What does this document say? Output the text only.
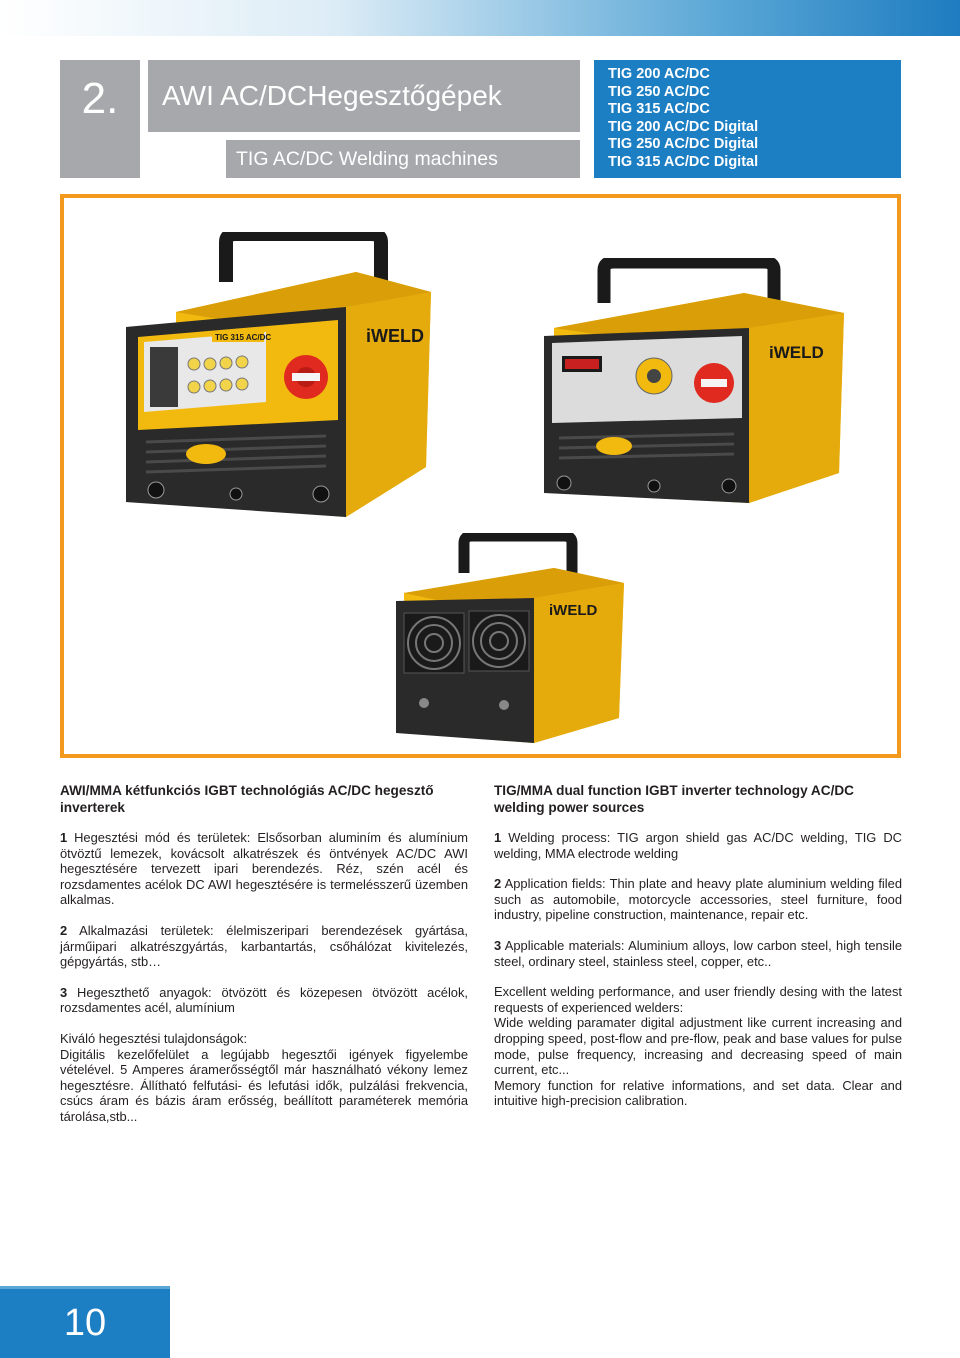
2.	AWI AC/DCHegesztőgépek
TIG AC/DC Welding machines
TIG 200 AC/DC
TIG 250 AC/DC
TIG 315 AC/DC
TIG 200 AC/DC Digital
TIG 250 AC/DC Digital
TIG 315 AC/DC Digital
TIG 315 AC/DC	iWELD
iWELD
iWELD
AWI/MMA kétfunkciós IGBT technológiás AC/DC hegesztő inverterek

1 Hegesztési mód és területek: Elsősorban aluminím és alumínium ötvöztű lemezek, kovácsolt alkatrészek és öntvények AC/DC AWI hegesztésére tervezett ipari berendezés. Réz, szén acél és rozsdamentes acélok DC AWI hegesztésére is termelésszerű üzemben alkalmas.

2 Alkalmazási területek: élelmiszeripari berendezések gyártása, járműipari alkatrészgyártás, karbantartás, csőhálózat kivitelezés, gépgyártás, stb…

3 Hegeszthető anyagok: ötvözött és közepesen ötvözött acélok, rozsdamentes acél, alumínium

Kiváló hegesztési tulajdonságok:

Digitális kezelőfelület a legújabb hegesztői igények figyelembe vételével. 5 Amperes áramerősségtől már használható vékony lemez hegesztésre. Állítható felfutási- és lefutási idők, pulzálási frekvencia, csúcs áram és bázis áram erősség, beállított paraméterek memória tárolása,stb...

TIG/MMA dual function IGBT inverter technology AC/DC welding power sources

1 Welding process: TIG argon shield gas AC/DC welding, TIG DC welding, MMA electrode welding

2 Application fields: Thin plate and heavy plate aluminium welding filed such as automobile, motorcycle accessories, steel furniture, food industry, pipeline construction, maintenance, repair etc.

3 Applicable materials: Aluminium alloys, low carbon steel, high tensile steel, ordinary steel, stainless steel, copper, etc..

Excellent welding performance, and user friendly desing with the latest requests of experienced welders:

Wide welding paramater digital adjustment like current increasing and dropping speed, post-flow and pre-flow, peak and base values for pulse mode, pulse frequency, increasing and decreasing speed of main current, etc...

Memory function for relative informations, and set data. Clear and intuitive high-precision calibration.

10
